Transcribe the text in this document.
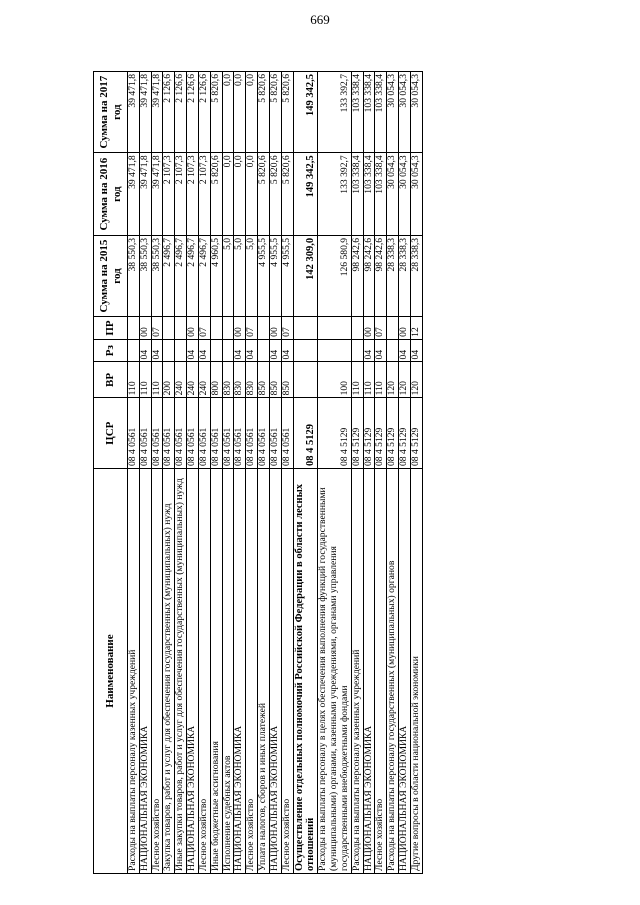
669
Наименование	ЦСР	ВР	Рз	ПР	Сумма на 2015 год	Сумма на 2016 год	Сумма на 2017 год
Расходы на выплаты персоналу казенных учреждений	08 4 0561	110			38 550,3	39 471,8	39 471,8
НАЦИОНАЛЬНАЯ ЭКОНОМИКА	08 4 0561	110	04	00	38 550,3	39 471,8	39 471,8
Лесное хозяйство	08 4 0561	110	04	07	38 550,3	39 471,8	39 471,8
Закупка товаров, работ и услуг для обеспечения государственных (муниципальных) нужд	08 4 0561	200			2 496,7	2 107,3	2 126,6
Иные закупки товаров, работ и услуг для обеспечения государственных (муниципальных) нужд	08 4 0561	240			2 496,7	2 107,3	2 126,6
НАЦИОНАЛЬНАЯ ЭКОНОМИКА	08 4 0561	240	04	00	2 496,7	2 107,3	2 126,6
Лесное хозяйство	08 4 0561	240	04	07	2 496,7	2 107,3	2 126,6
Иные бюджетные ассигнования	08 4 0561	800			4 960,5	5 820,6	5 820,6
Исполнение судебных актов	08 4 0561	830			5,0	0,0	0,0
НАЦИОНАЛЬНАЯ ЭКОНОМИКА	08 4 0561	830	04	00	5,0	0,0	0,0
Лесное хозяйство	08 4 0561	830	04	07	5,0	0,0	0,0
Уплата налогов, сборов и иных платежей	08 4 0561	850			4 955,5	5 820,6	5 820,6
НАЦИОНАЛЬНАЯ ЭКОНОМИКА	08 4 0561	850	04	00	4 955,5	5 820,6	5 820,6
Лесное хозяйство	08 4 0561	850	04	07	4 955,5	5 820,6	5 820,6
Осуществление отдельных полномочий Российской Федерации в области лесных отношений	08 4 5129				142 309,0	149 342,5	149 342,5
Расходы на выплаты персоналу в целях обеспечения выполнения функций государственными (муниципальными) органами, казенными учреждениями, органами управления государственными внебюджетными фондами	08 4 5129	100			126 580,9	133 392,7	133 392,7
Расходы на выплаты персоналу казенных учреждений	08 4 5129	110			98 242,6	103 338,4	103 338,4
НАЦИОНАЛЬНАЯ ЭКОНОМИКА	08 4 5129	110	04	00	98 242,6	103 338,4	103 338,4
Лесное хозяйство	08 4 5129	110	04	07	98 242,6	103 338,4	103 338,4
Расходы на выплаты персоналу государственных (муниципальных) органов	08 4 5129	120			28 338,3	30 054,3	30 054,3
НАЦИОНАЛЬНАЯ ЭКОНОМИКА	08 4 5129	120	04	00	28 338,3	30 054,3	30 054,3
Другие вопросы в области национальной экономики	08 4 5129	120	04	12	28 338,3	30 054,3	30 054,3
